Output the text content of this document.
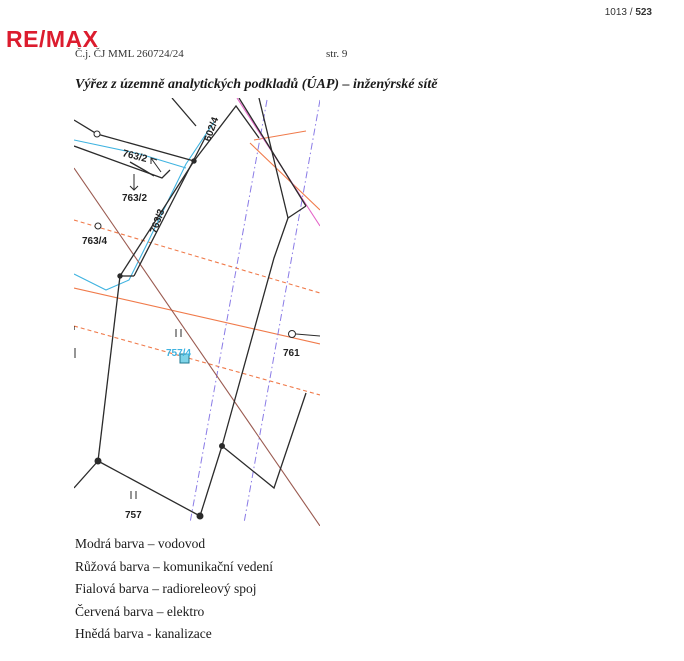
1013 / 523
RE/MAX
Č.j. ČJ MML 260724/24	str. 9
Výřez z územně analytických podkladů (ÚAP) – inženýrské sítě
602/4
763/2
763/2
763/4
763/3
757/4	761
757
Modrá barva – vodovod
Růžová barva – komunikační vedení
Fialová barva – radioreleový spoj
Červená barva – elektro
Hnědá barva - kanalizace
